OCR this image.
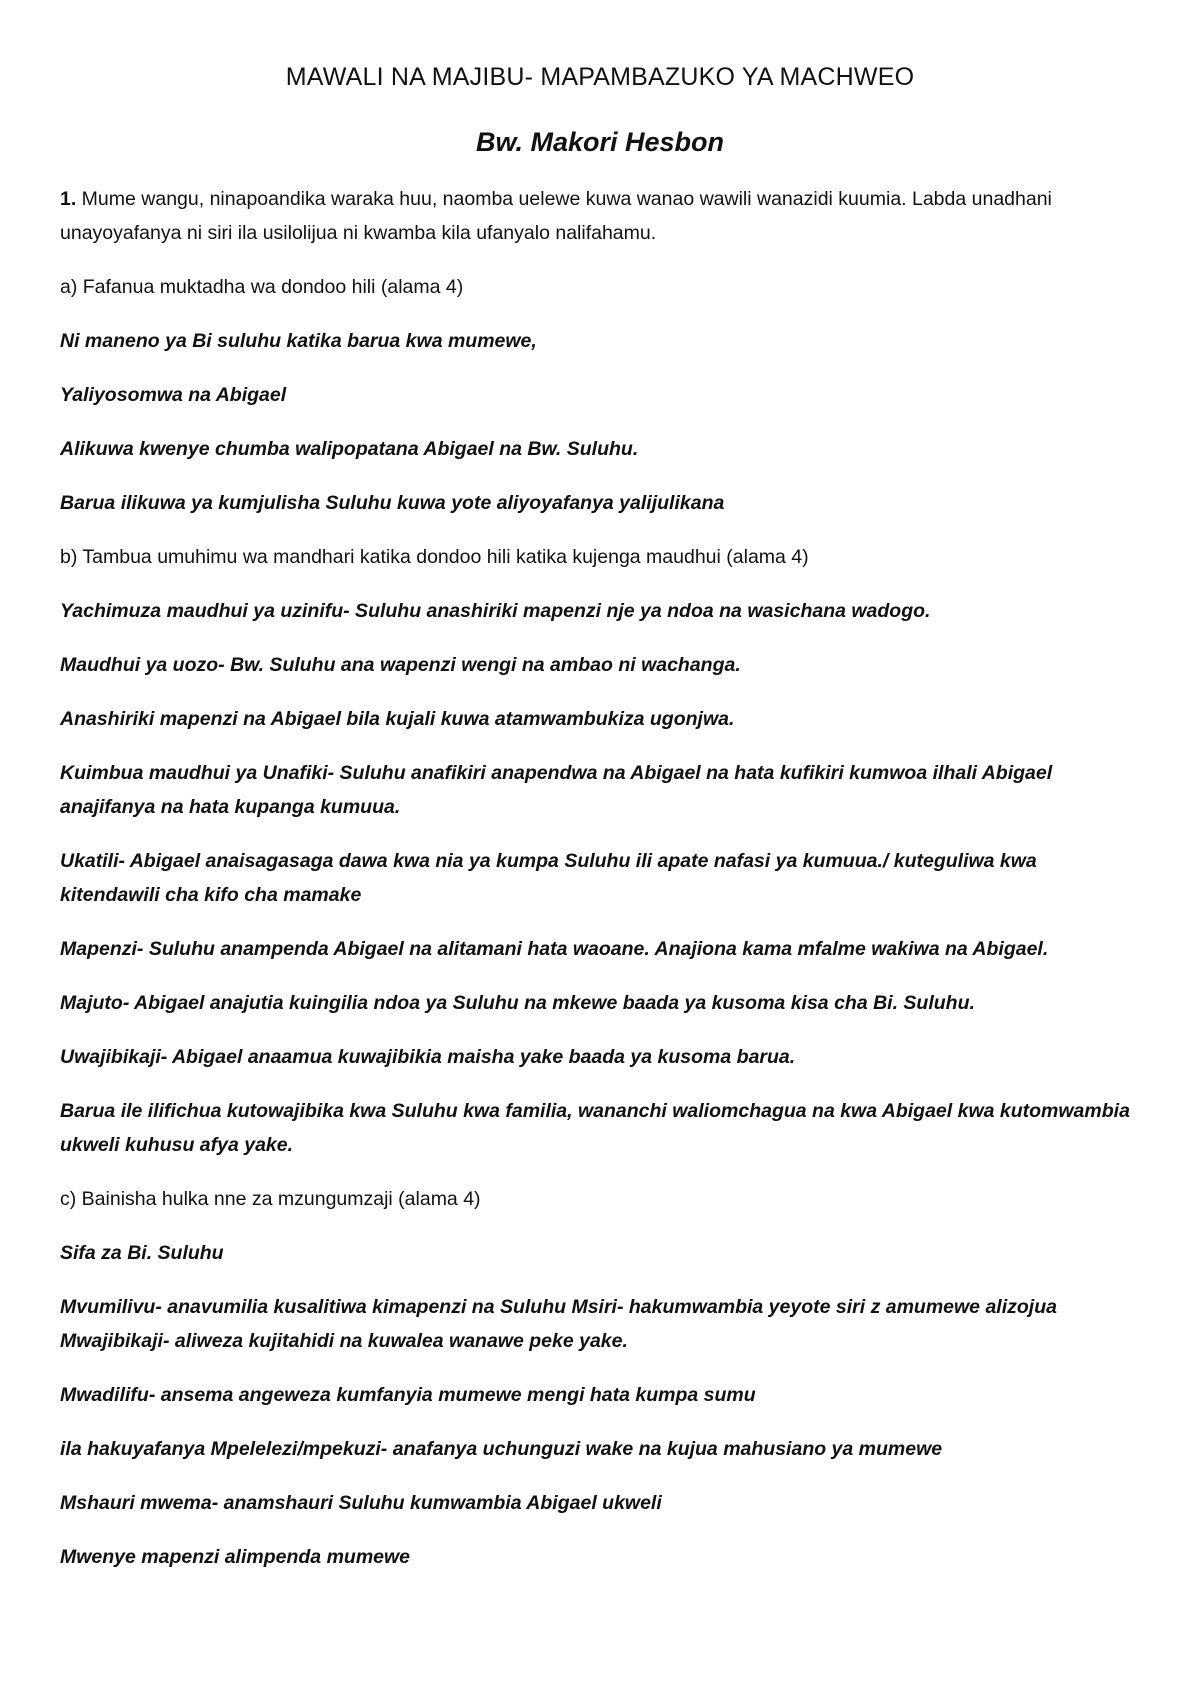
MAWALI NA MAJIBU- MAPAMBAZUKO YA MACHWEO
Bw. Makori Hesbon

1. Mume wangu, ninapoandika waraka huu, naomba uelewe kuwa wanao wawili wanazidi kuumia. Labda unadhani unayoyafanya ni siri ila usilolijua ni kwamba kila ufanyalo nalifahamu.

a) Fafanua muktadha wa dondoo hili (alama 4)

Ni maneno ya Bi suluhu katika barua kwa mumewe,

Yaliyosomwa na Abigael

Alikuwa kwenye chumba walipopatana Abigael na Bw. Suluhu.

Barua ilikuwa ya kumjulisha Suluhu kuwa yote aliyoyafanya yalijulikana

b) Tambua umuhimu wa mandhari katika dondoo hili katika kujenga maudhui (alama 4)

Yachimuza maudhui ya uzinifu- Suluhu anashiriki mapenzi nje ya ndoa na wasichana wadogo.

Maudhui ya uozo- Bw. Suluhu ana wapenzi wengi na ambao ni wachanga.

Anashiriki mapenzi na Abigael bila kujali kuwa atamwambukiza ugonjwa.

Kuimbua maudhui ya Unafiki- Suluhu anafikiri anapendwa na Abigael na hata kufikiri kumwoa ilhali Abigael anajifanya na hata kupanga kumuua.

Ukatili- Abigael anaisagasaga dawa kwa nia ya kumpa Suluhu ili apate nafasi ya kumuua./ kuteguliwa kwa kitendawili cha kifo cha mamake

Mapenzi- Suluhu anampenda Abigael na alitamani hata waoane. Anajiona kama mfalme wakiwa na Abigael.

Majuto- Abigael anajutia kuingilia ndoa ya Suluhu na mkewe baada ya kusoma kisa cha Bi. Suluhu.

Uwajibikaji- Abigael anaamua kuwajibikia maisha yake baada ya kusoma barua.

Barua ile ilifichua kutowajibika kwa Suluhu kwa familia, wananchi waliomchagua na kwa Abigael kwa kutomwambia ukweli kuhusu afya yake.

c) Bainisha hulka nne za mzungumzaji (alama 4)

Sifa za Bi. Suluhu

Mvumilivu- anavumilia kusalitiwa kimapenzi na Suluhu Msiri- hakumwambia yeyote siri z amumewe alizojua Mwajibikaji- aliweza kujitahidi na kuwalea wanawe peke yake.

Mwadilifu- ansema angeweza kumfanyia mumewe mengi hata kumpa sumu

ila hakuyafanya Mpelelezi/mpekuzi- anafanya uchunguzi wake na kujua mahusiano ya mumewe

Mshauri mwema- anamshauri Suluhu kumwambia Abigael ukweli

Mwenye mapenzi alimpenda mumewe
